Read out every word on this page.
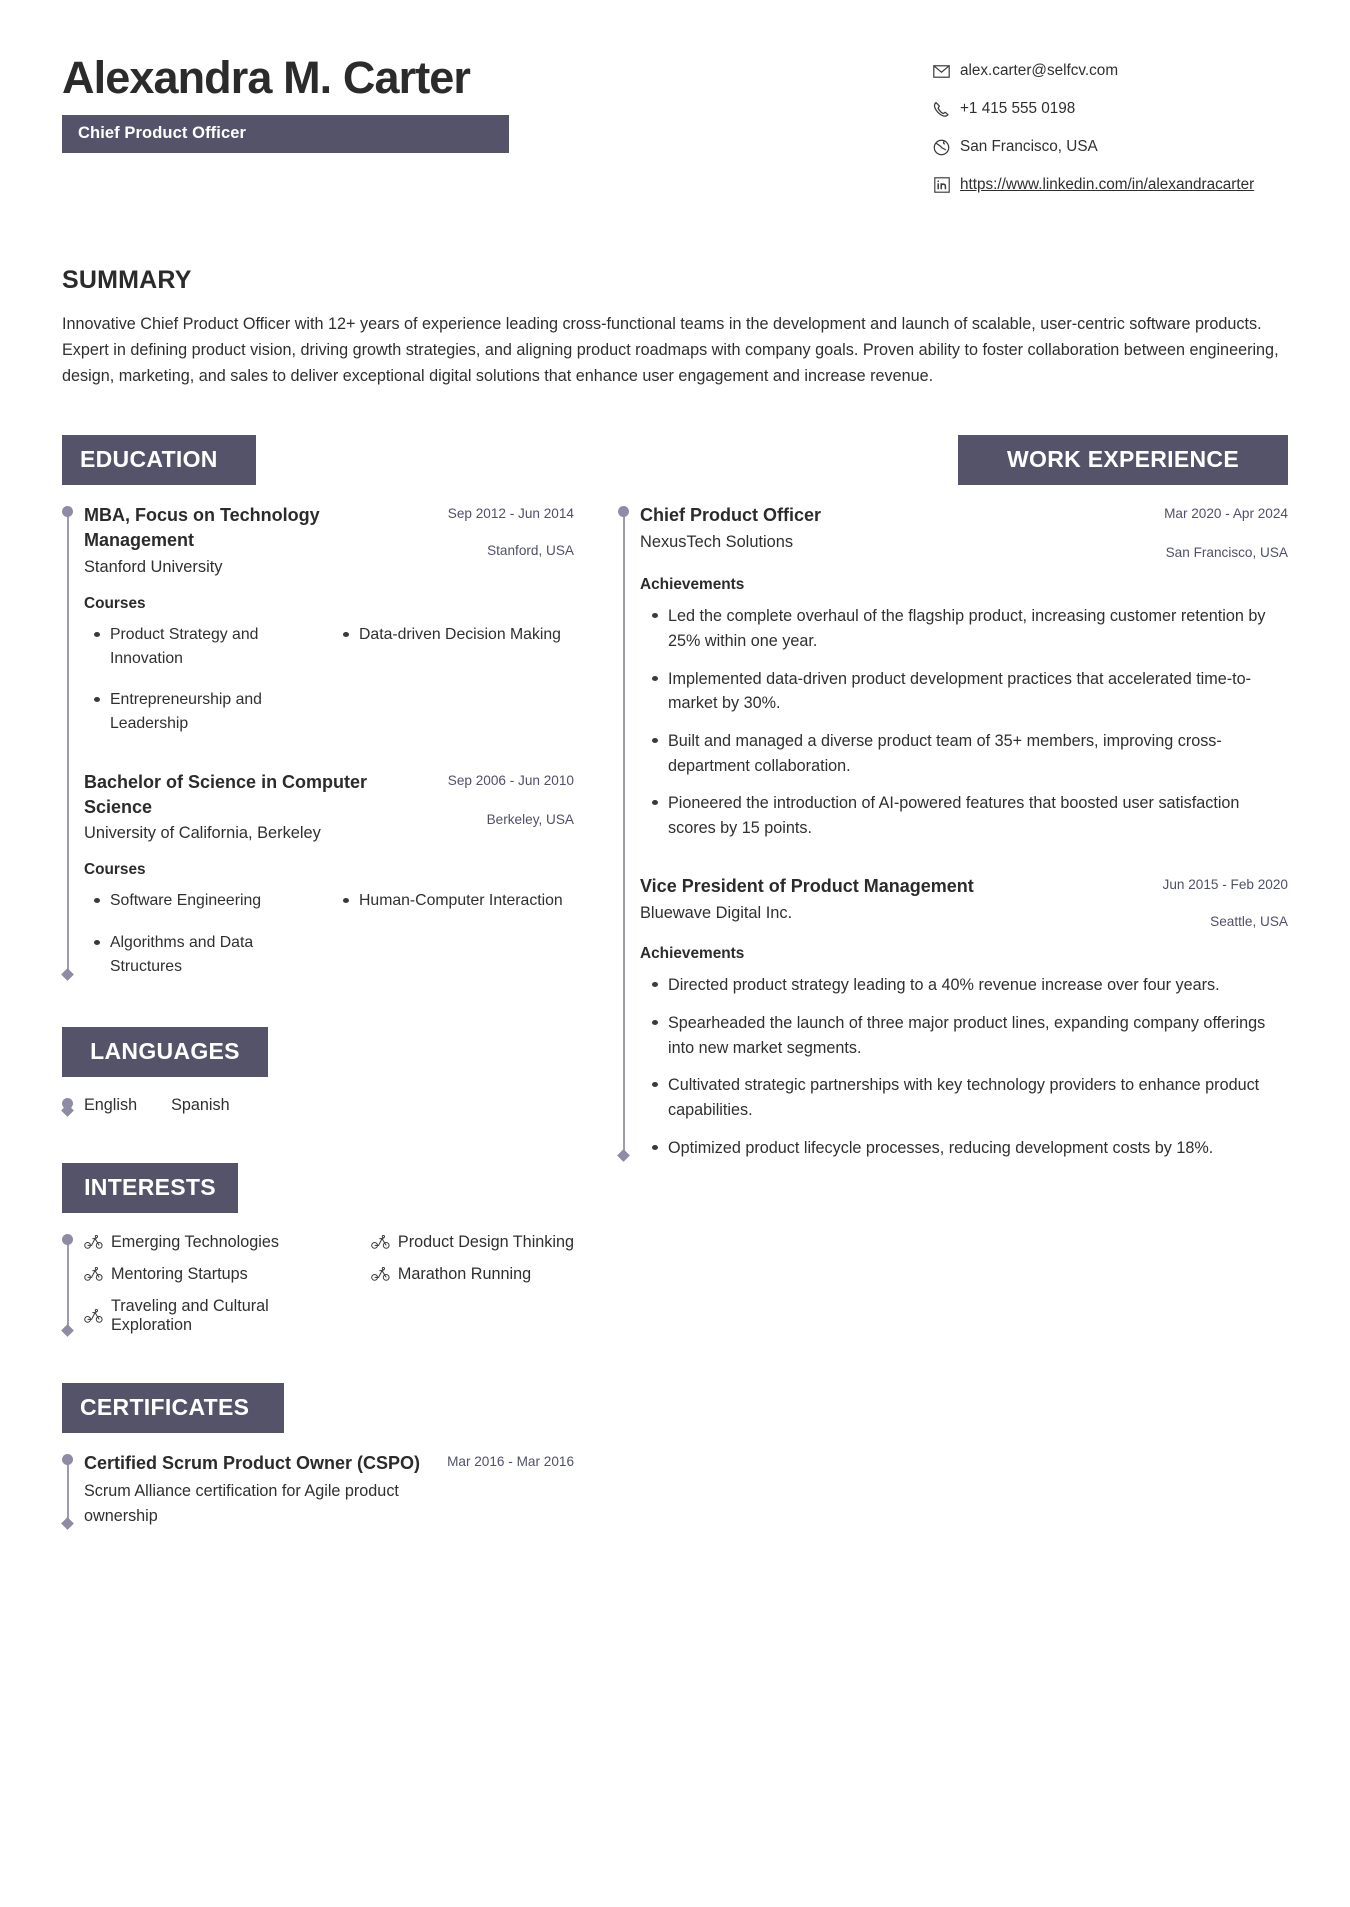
Alexandra M. Carter
Chief Product Officer
alex.carter@selfcv.com
+1 415 555 0198
San Francisco, USA
https://www.linkedin.com/in/alexandracarter
SUMMARY
Innovative Chief Product Officer with 12+ years of experience leading cross-functional teams in the development and launch of scalable, user-centric software products. Expert in defining product vision, driving growth strategies, and aligning product roadmaps with company goals. Proven ability to foster collaboration between engineering, design, marketing, and sales to deliver exceptional digital solutions that enhance user engagement and increase revenue.
EDUCATION
MBA, Focus on Technology Management
Stanford University
Sep 2012 - Jun 2014
Stanford, USA
Courses
Product Strategy and Innovation
Data-driven Decision Making
Entrepreneurship and Leadership
Bachelor of Science in Computer Science
University of California, Berkeley
Sep 2006 - Jun 2010
Berkeley, USA
Courses
Software Engineering	Human-Computer Interaction
Algorithms and Data Structures
LANGUAGES
English Spanish
INTERESTS
Emerging Technologies	Product Design Thinking
Mentoring Startups	Marathon Running
Traveling and Cultural Exploration
CERTIFICATES
Certified Scrum Product Owner (CSPO)
Scrum Alliance certification for Agile product ownership
Mar 2016 - Mar 2016
WORK EXPERIENCE
Chief Product Officer
NexusTech Solutions
Mar 2020 - Apr 2024
San Francisco, USA
Achievements
Led the complete overhaul of the flagship product, increasing customer retention by 25% within one year.
Implemented data-driven product development practices that accelerated time-to-market by 30%.
Built and managed a diverse product team of 35+ members, improving cross-department collaboration.
Pioneered the introduction of AI-powered features that boosted user satisfaction scores by 15 points.
Vice President of Product Management
Bluewave Digital Inc.
Jun 2015 - Feb 2020
Seattle, USA
Achievements
Directed product strategy leading to a 40% revenue increase over four years.
Spearheaded the launch of three major product lines, expanding company offerings into new market segments.
Cultivated strategic partnerships with key technology providers to enhance product capabilities.
Optimized product lifecycle processes, reducing development costs by 18%.
